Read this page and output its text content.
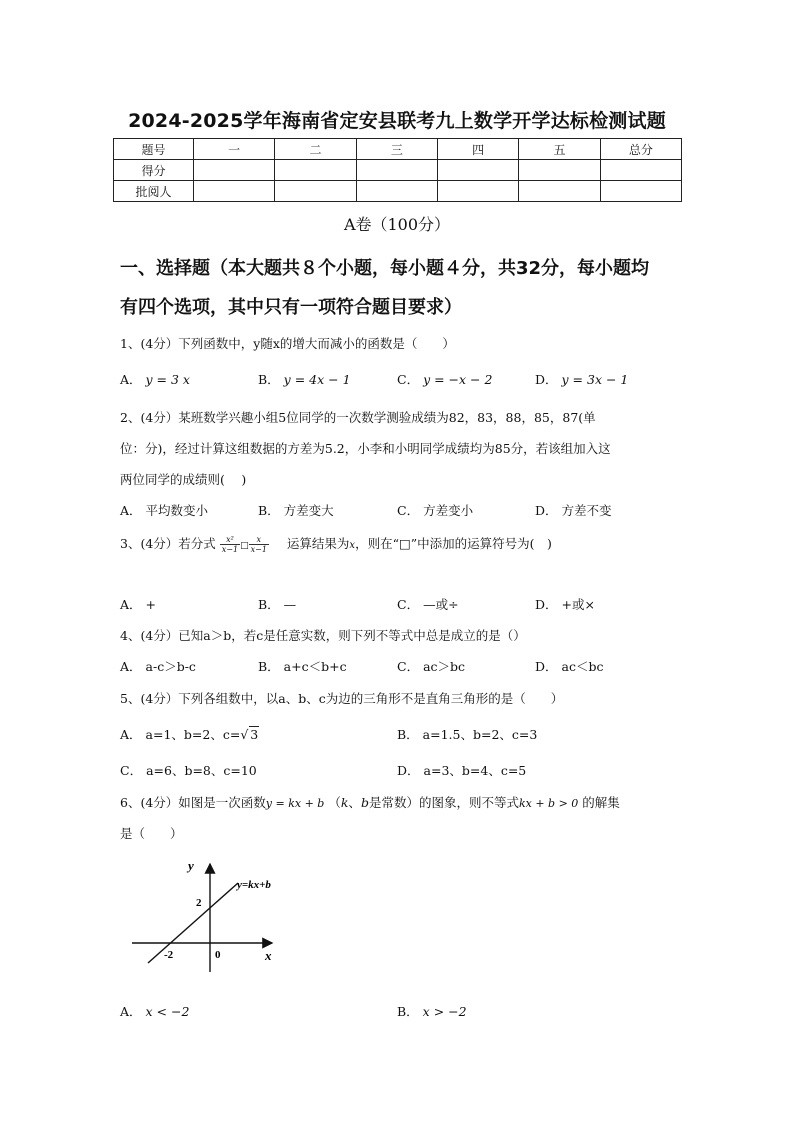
2024-2025学年海南省定安县联考九上数学开学达标检测试题
题号	一	二	三	四	五	总分
得分						
批阅人						
A卷（100分）
一、选择题（本大题共８个小题，每小题４分，共32分，每小题均
有四个选项，其中只有一项符合题目要求）
1、(4分）下列函数中，y随x的增大而减小的函数是（　　）
A． y = 3 x	B． y = 4x − 1	C． y = −x − 2	D． y = 3x − 1
2、(4分）某班数学兴趣小组5位同学的一次数学测验成绩为82，83，88，85，87(单
位：分)，经过计算这组数据的方差为5.2，小李和小明同学成绩均为85分，若该组加入这
两位同学的成绩则(　 )
A． 平均数变小	B． 方差变大	C． 方差变小	D． 方差不变
3、(4分）若分式 $\frac{\text{x²}}{x-1}$ □ $\frac{x}{x-1}$ 运算结果为x，则在“□”中添加的运算符号为(　)
A． +	B． —	C． —或÷	D． +或×
4、(4分）已知a＞b，若c是任意实数，则下列不等式中总是成立的是（）
A． a-c＞b-c	B． a+c＜b+c	C． ac＞bc	D． ac＜bc
5、(4分）下列各组数中，以a、b、c为边的三角形不是直角三角形的是（　　）
A． a=1、b=2、c=√ 3	B． a=1.5、b=2、c=3
C． a=6、b=8、c=10	D． a=3、b=4、c=5
6、(4分）如图是一次函数y = kx + b （k、b是常数）的图象，则不等式kx + b > 0 的解集
是（　　）
y
x
y=kx+b
2
-2	0
A． x < −2	B． x > −2
